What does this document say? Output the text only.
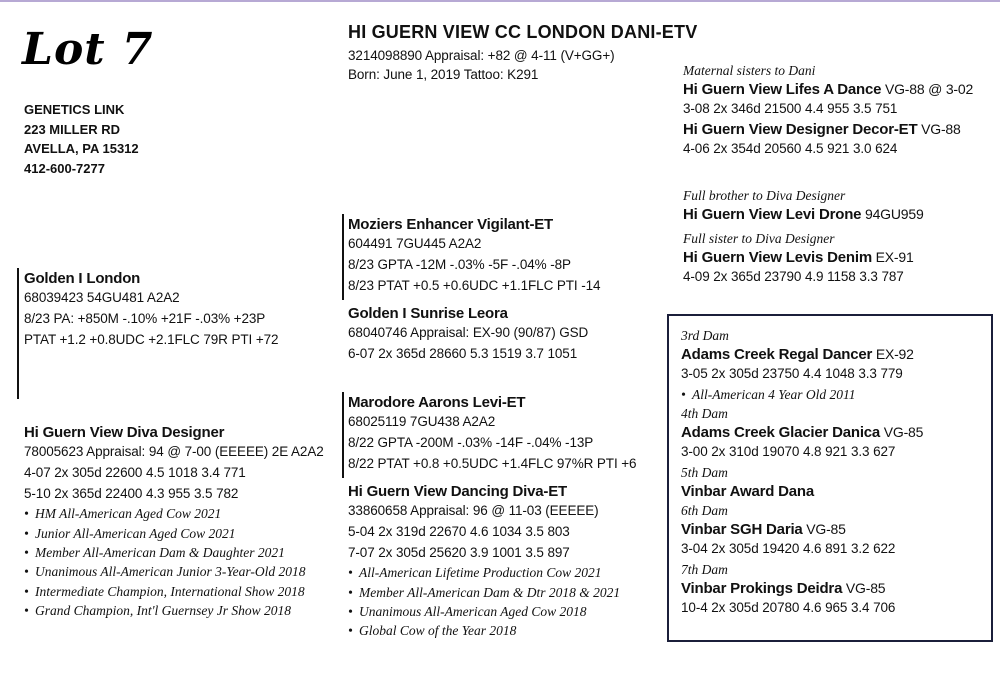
Lot 7
GENETICS LINK
223 MILLER RD
AVELLA, PA 15312
412-600-7277
HI GUERN VIEW CC LONDON DANI-ETV
3214098890 Appraisal: +82 @ 4-11 (V+GG+)
Born: June 1, 2019 Tattoo: K291
Golden I London
68039423 54GU481 A2A2
8/23 PA: +850M -.10% +21F -.03% +23P
PTAT +1.2 +0.8UDC +2.1FLC 79R PTI +72
Hi Guern View Diva Designer
78005623 Appraisal: 94 @ 7-00 (EEEEE) 2E A2A2
4-07 2x 305d 22600 4.5 1018 3.4 771
5-10 2x 365d 22400 4.3 955 3.5 782
• HM All-American Aged Cow 2021
• Junior All-American Aged Cow 2021
• Member All-American Dam & Daughter 2021
• Unanimous All-American Junior 3-Year-Old 2018
• Intermediate Champion, International Show 2018
• Grand Champion, Int'l Guernsey Jr Show 2018
Moziers Enhancer Vigilant-ET
604491 7GU445 A2A2
8/23 GPTA -12M -.03% -5F -.04% -8P
8/23 PTAT +0.5 +0.6UDC +1.1FLC PTI -14
Golden I Sunrise Leora
68040746 Appraisal: EX-90 (90/87) GSD
6-07 2x 365d 28660 5.3 1519 3.7 1051
Marodore Aarons Levi-ET
68025119 7GU438 A2A2
8/22 GPTA -200M -.03% -14F -.04% -13P
8/22 PTAT +0.8 +0.5UDC +1.4FLC 97%R PTI +6
Hi Guern View Dancing Diva-ET
33860658 Appraisal: 96 @ 11-03 (EEEEE)
5-04 2x 319d 22670 4.6 1034 3.5 803
7-07 2x 305d 25620 3.9 1001 3.5 897
• All-American Lifetime Production Cow 2021
• Member All-American Dam & Dtr 2018 & 2021
• Unanimous All-American Aged Cow 2018
• Global Cow of the Year 2018
Maternal sisters to Dani
Hi Guern View Lifes A Dance VG-88 @ 3-02
3-08 2x 346d 21500 4.4 955 3.5 751
Hi Guern View Designer Decor-ET VG-88
4-06 2x 354d 20560 4.5 921 3.0 624
Full brother to Diva Designer
Hi Guern View Levi Drone 94GU959
Full sister to Diva Designer
Hi Guern View Levis Denim EX-91
4-09 2x 365d 23790 4.9 1158 3.3 787
3rd Dam
Adams Creek Regal Dancer EX-92
3-05 2x 305d 23750 4.4 1048 3.3 779
• All-American 4 Year Old 2011
4th Dam
Adams Creek Glacier Danica VG-85
3-00 2x 310d 19070 4.8 921 3.3 627
5th Dam
Vinbar Award Dana
6th Dam
Vinbar SGH Daria VG-85
3-04 2x 305d 19420 4.6 891 3.2 622
7th Dam
Vinbar Prokings Deidra VG-85
10-4 2x 305d 20780 4.6 965 3.4 706
